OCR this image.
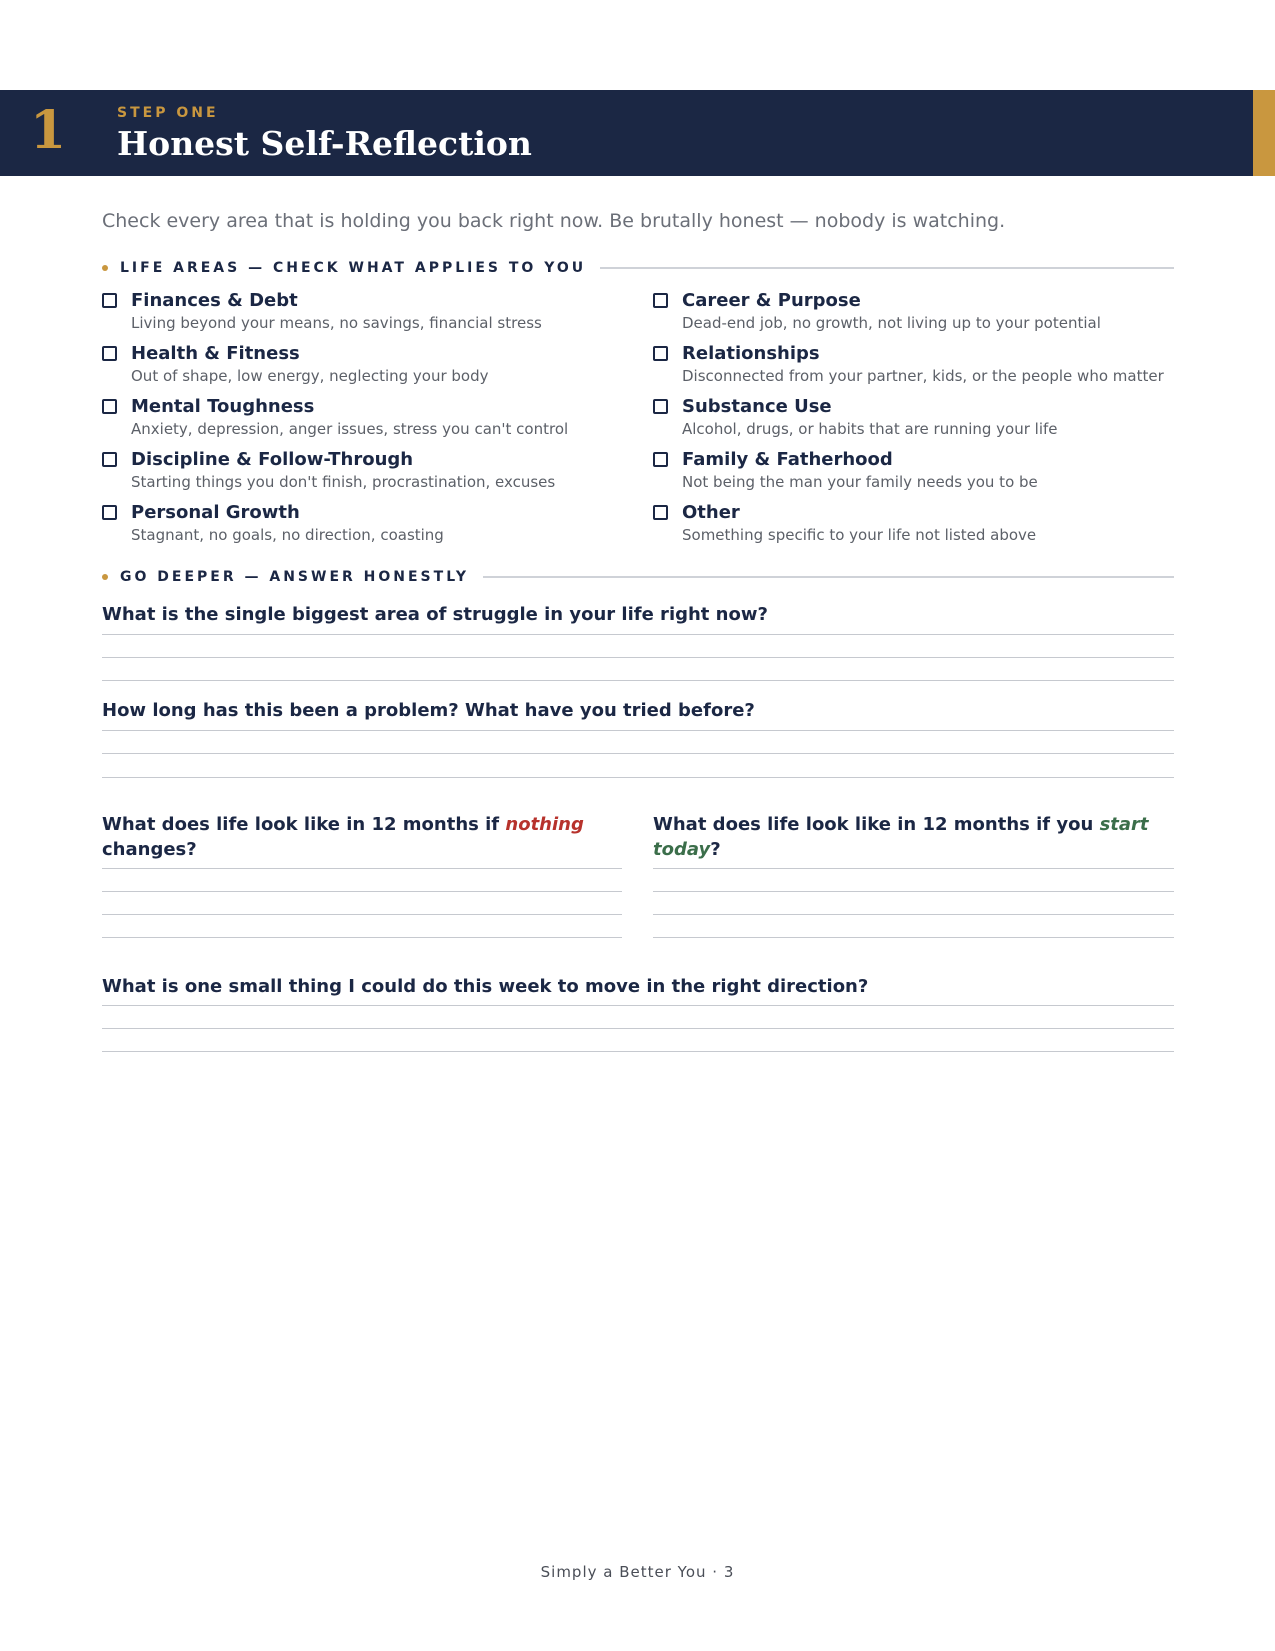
1	STEP ONE
Honest Self-Reflection
Check every area that is holding you back right now. Be brutally honest — nobody is watching.
LIFE AREAS — CHECK WHAT APPLIES TO YOU
Finances & Debt
Living beyond your means, no savings, financial stress
Health & Fitness
Out of shape, low energy, neglecting your body
Mental Toughness
Anxiety, depression, anger issues, stress you can't control
Discipline & Follow-Through
Starting things you don't finish, procrastination, excuses
Personal Growth
Stagnant, no goals, no direction, coasting
Career & Purpose
Dead-end job, no growth, not living up to your potential
Relationships
Disconnected from your partner, kids, or the people who matter
Substance Use
Alcohol, drugs, or habits that are running your life
Family & Fatherhood
Not being the man your family needs you to be
Other
Something specific to your life not listed above
GO DEEPER — ANSWER HONESTLY
What is the single biggest area of struggle in your life right now?
How long has this been a problem? What have you tried before?
What does life look like in 12 months if nothing changes?
What does life look like in 12 months if you start today?
What is one small thing I could do this week to move in the right direction?
Simply a Better You · 3
